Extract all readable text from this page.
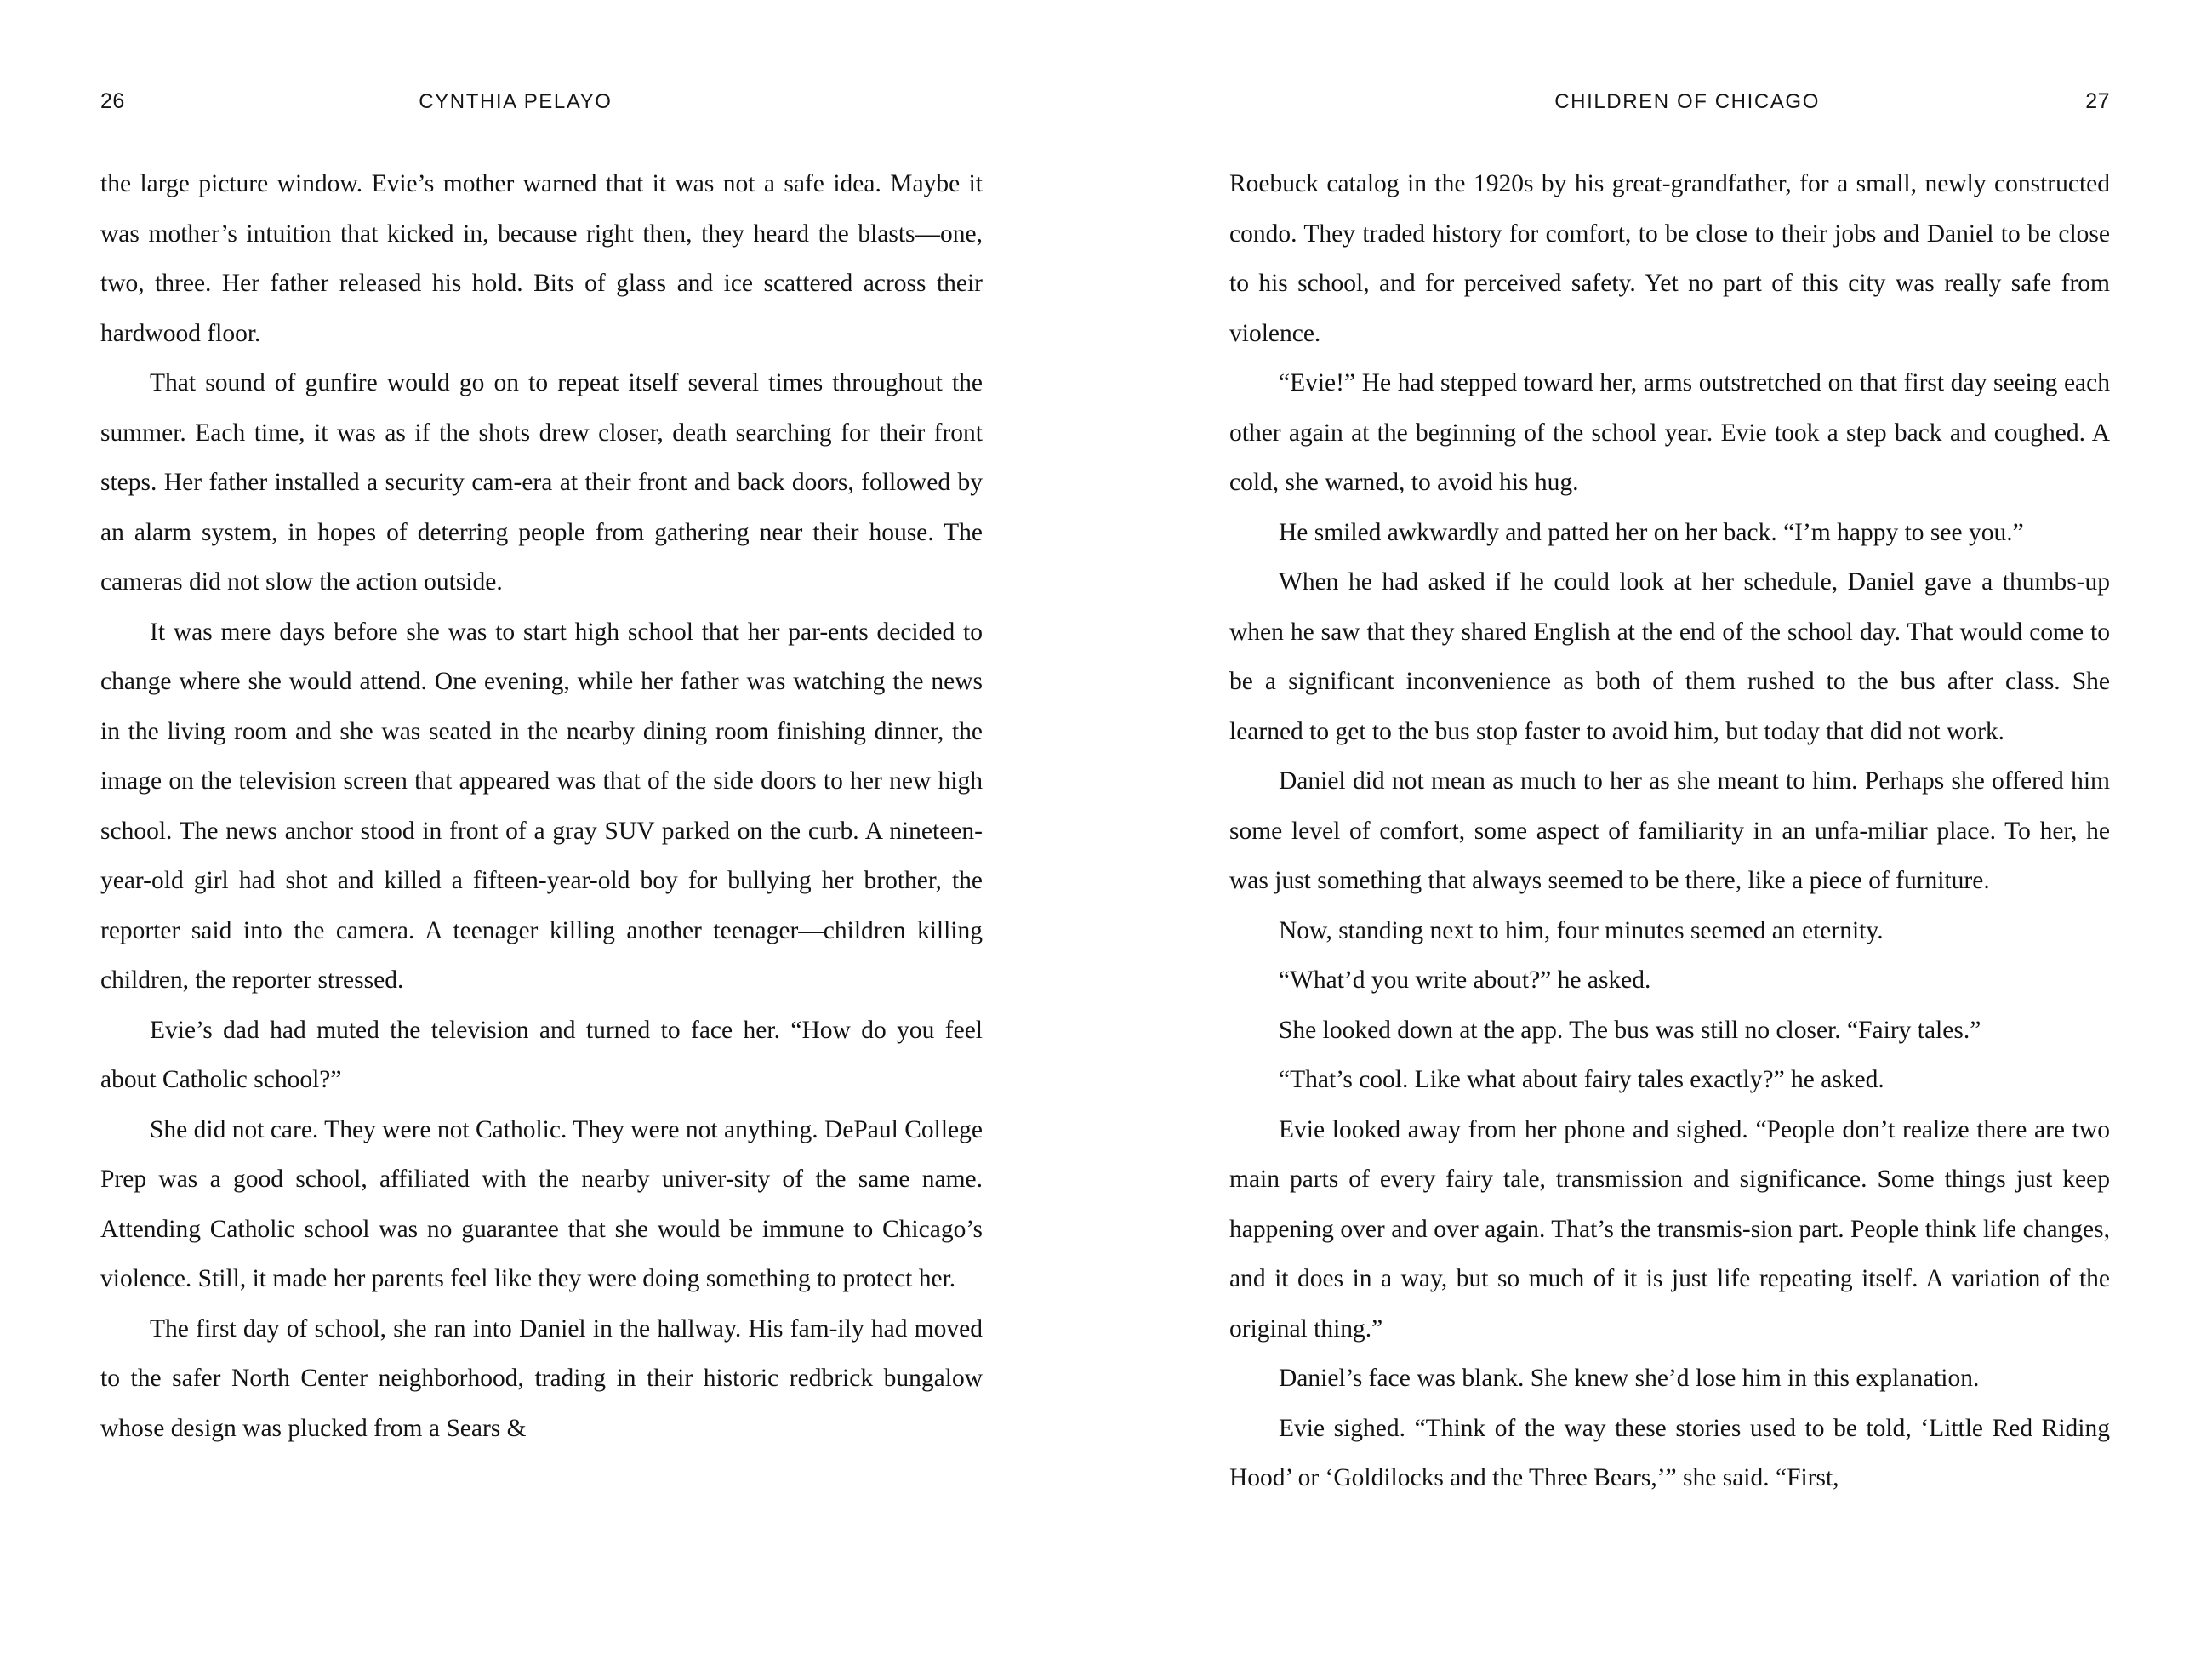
26	CYNTHIA PELAYO

the large picture window. Evie’s mother warned that it was not a safe idea. Maybe it was mother’s intuition that kicked in, because right then, they heard the blasts—one, two, three. Her father released his hold. Bits of glass and ice scattered across their hardwood floor.

That sound of gunfire would go on to repeat itself several times throughout the summer. Each time, it was as if the shots drew closer, death searching for their front steps. Her father installed a security cam-era at their front and back doors, followed by an alarm system, in hopes of deterring people from gathering near their house. The cameras did not slow the action outside.

It was mere days before she was to start high school that her par-ents decided to change where she would attend. One evening, while her father was watching the news in the living room and she was seated in the nearby dining room finishing dinner, the image on the television screen that appeared was that of the side doors to her new high school. The news anchor stood in front of a gray SUV parked on the curb. A nineteen-year-old girl had shot and killed a fifteen-year-old boy for bullying her brother, the reporter said into the camera. A teenager killing another teenager—children killing children, the reporter stressed.

Evie’s dad had muted the television and turned to face her. “How do you feel about Catholic school?”

She did not care. They were not Catholic. They were not anything. DePaul College Prep was a good school, affiliated with the nearby univer-sity of the same name. Attending Catholic school was no guarantee that she would be immune to Chicago’s violence. Still, it made her parents feel like they were doing something to protect her.

The first day of school, she ran into Daniel in the hallway. His fam-ily had moved to the safer North Center neighborhood, trading in their historic redbrick bungalow whose design was plucked from a Sears &

CHILDREN OF CHICAGO	27

Roebuck catalog in the 1920s by his great-grandfather, for a small, newly constructed condo. They traded history for comfort, to be close to their jobs and Daniel to be close to his school, and for perceived safety. Yet no part of this city was really safe from violence.

“Evie!” He had stepped toward her, arms outstretched on that first day seeing each other again at the beginning of the school year. Evie took a step back and coughed. A cold, she warned, to avoid his hug.

He smiled awkwardly and patted her on her back. “I’m happy to see you.”

When he had asked if he could look at her schedule, Daniel gave a thumbs-up when he saw that they shared English at the end of the school day. That would come to be a significant inconvenience as both of them rushed to the bus after class. She learned to get to the bus stop faster to avoid him, but today that did not work.

Daniel did not mean as much to her as she meant to him. Perhaps she offered him some level of comfort, some aspect of familiarity in an unfa-miliar place. To her, he was just something that always seemed to be there, like a piece of furniture.

Now, standing next to him, four minutes seemed an eternity.

“What’d you write about?” he asked.

She looked down at the app. The bus was still no closer. “Fairy tales.”

“That’s cool. Like what about fairy tales exactly?” he asked.

Evie looked away from her phone and sighed. “People don’t realize there are two main parts of every fairy tale, transmission and significance. Some things just keep happening over and over again. That’s the transmis-sion part. People think life changes, and it does in a way, but so much of it is just life repeating itself. A variation of the original thing.”

Daniel’s face was blank. She knew she’d lose him in this explanation.

Evie sighed. “Think of the way these stories used to be told, ‘Little Red Riding Hood’ or ‘Goldilocks and the Three Bears,’” she said. “First,
